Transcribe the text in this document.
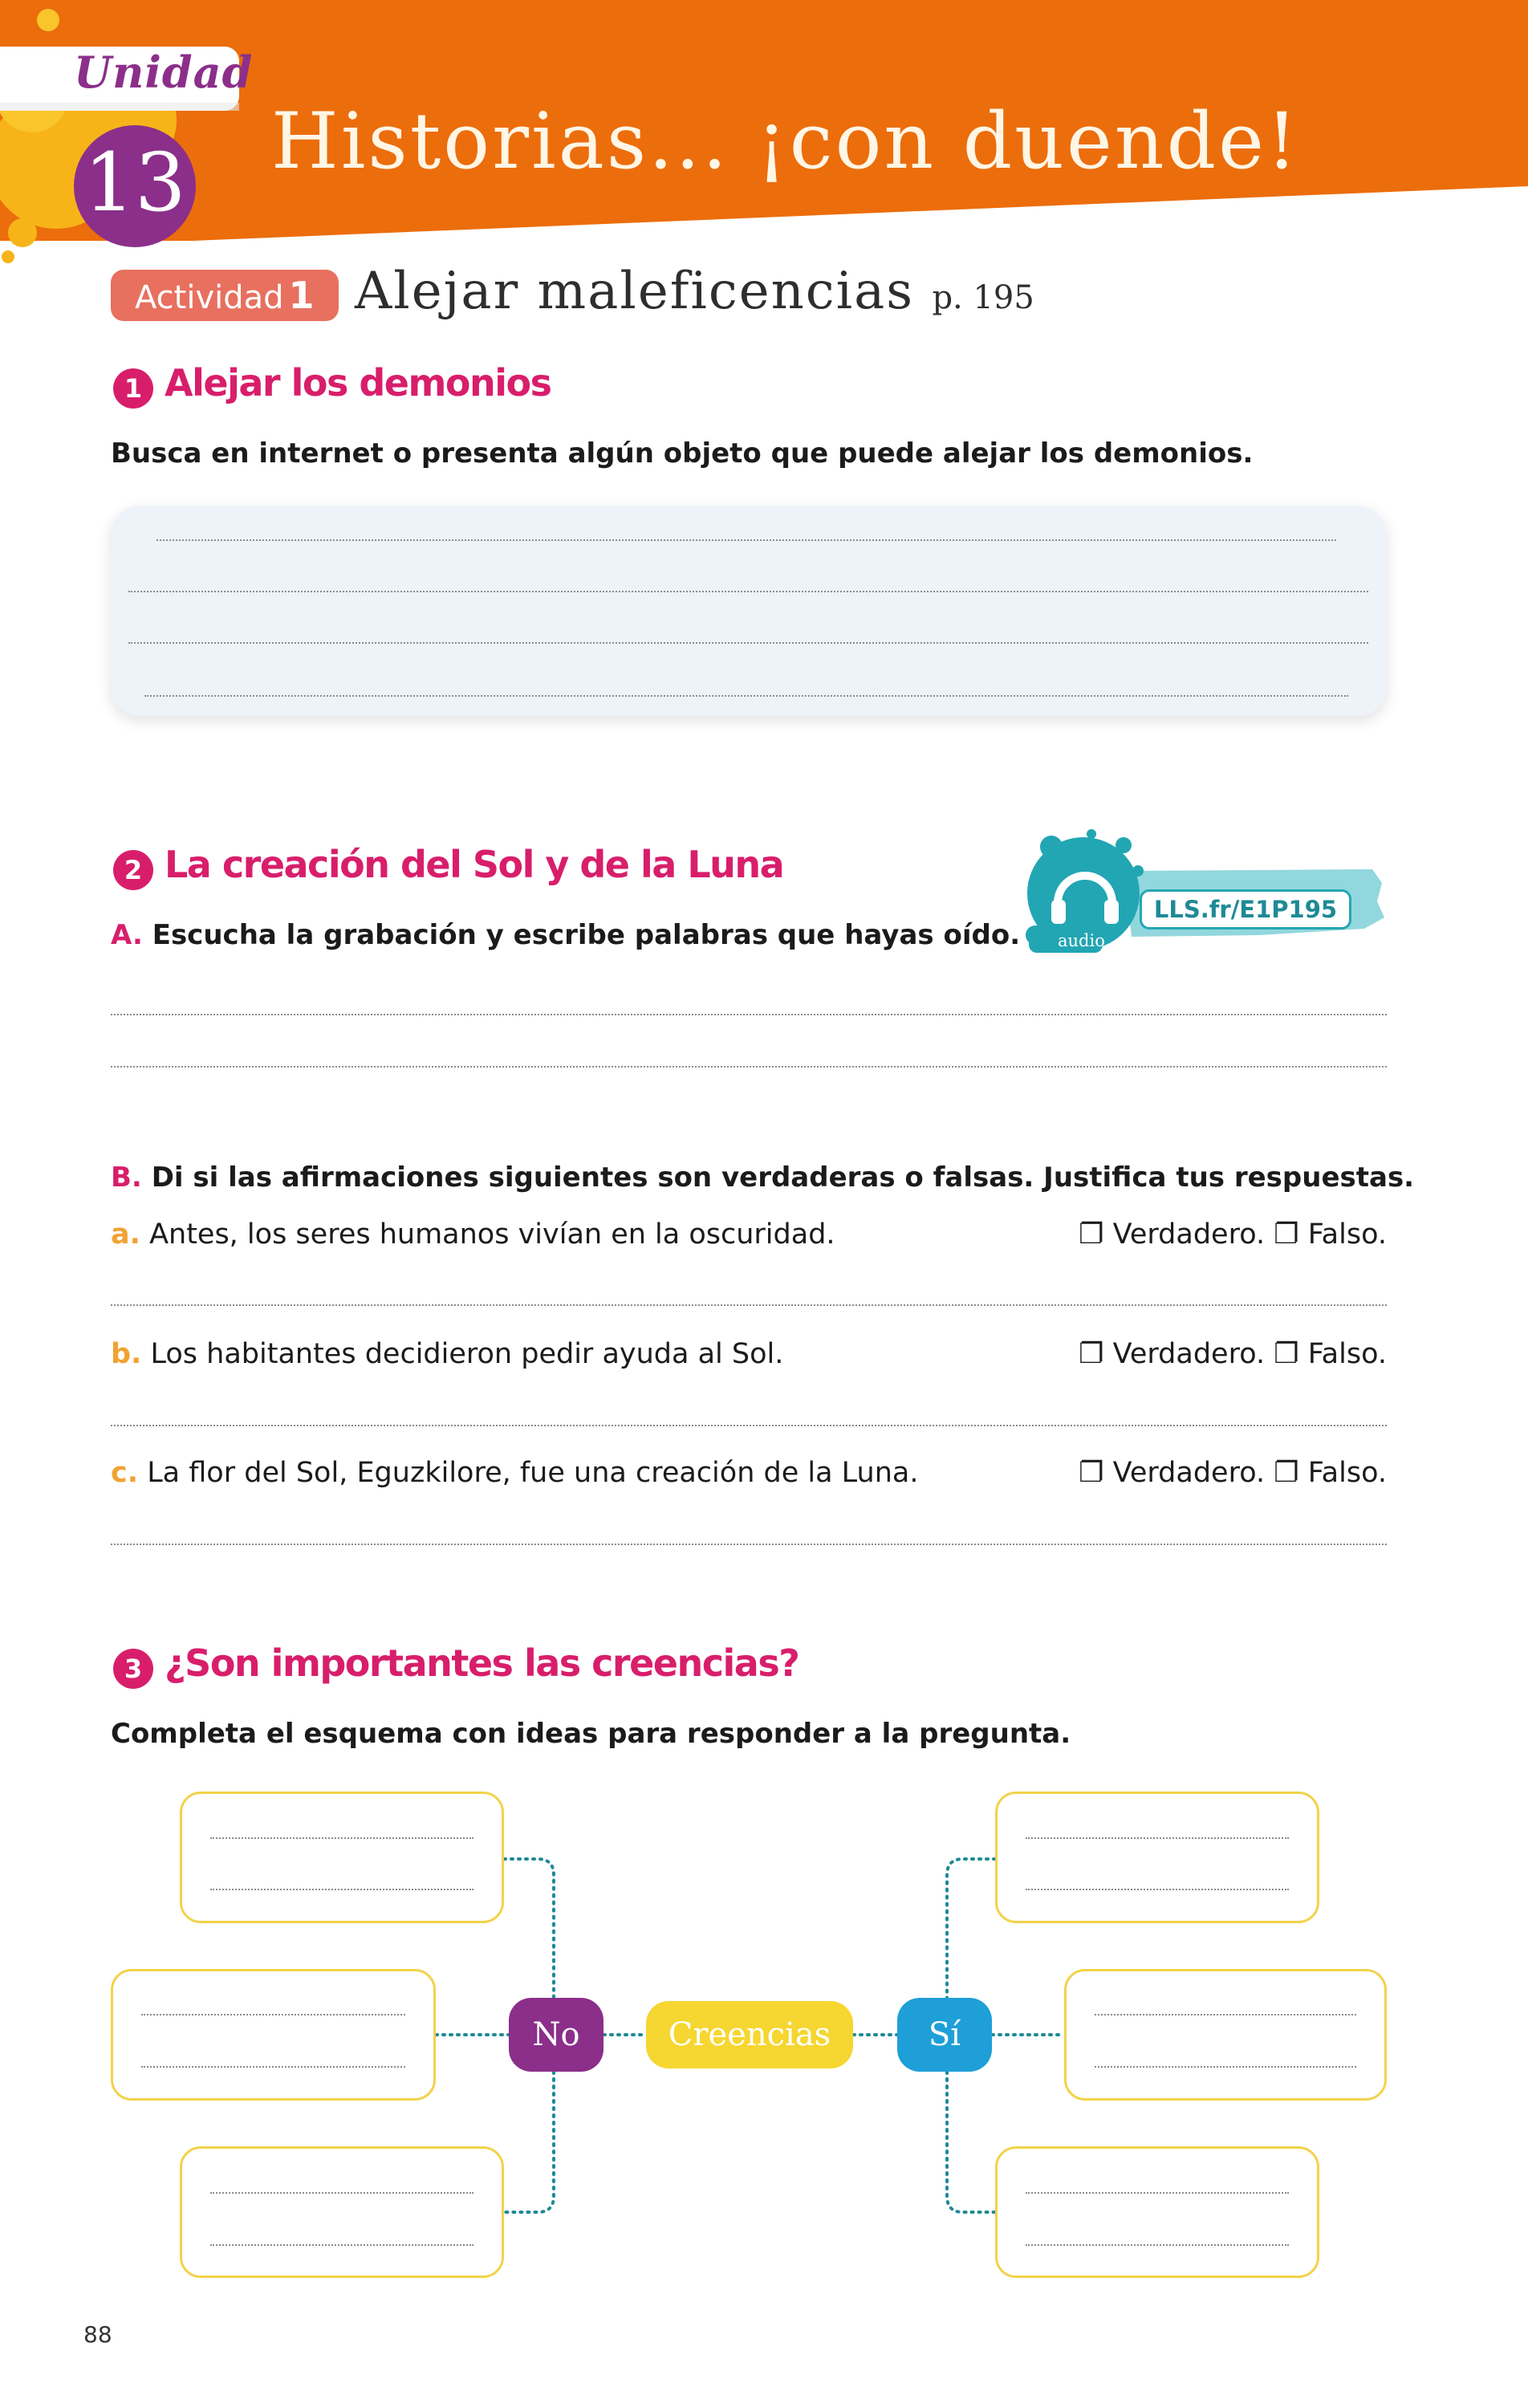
Unidad
13 Historias... ¡con duende!
Actividad 1 Alejar maleficencias p. 195
1 Alejar los demonios
Busca en internet o presenta algún objeto que puede alejar los demonios.
2 La creación del Sol y de la Luna
A. Escucha la grabación y escribe palabras que hayas oído. audio
LLS.fr/E1P195
B. Di si las afirmaciones siguientes son verdaderas o falsas. Justifica tus respuestas.
a. Antes, los seres humanos vivían en la oscuridad.	❐ Verdadero. ❐ Falso.
b. Los habitantes decidieron pedir ayuda al Sol.	❐ Verdadero. ❐ Falso.
c. La flor del Sol, Eguzkilore, fue una creación de la Luna.	❐ Verdadero. ❐ Falso.
3 ¿Son importantes las creencias?
Completa el esquema con ideas para responder a la pregunta.
No	Creencias	Sí
88
